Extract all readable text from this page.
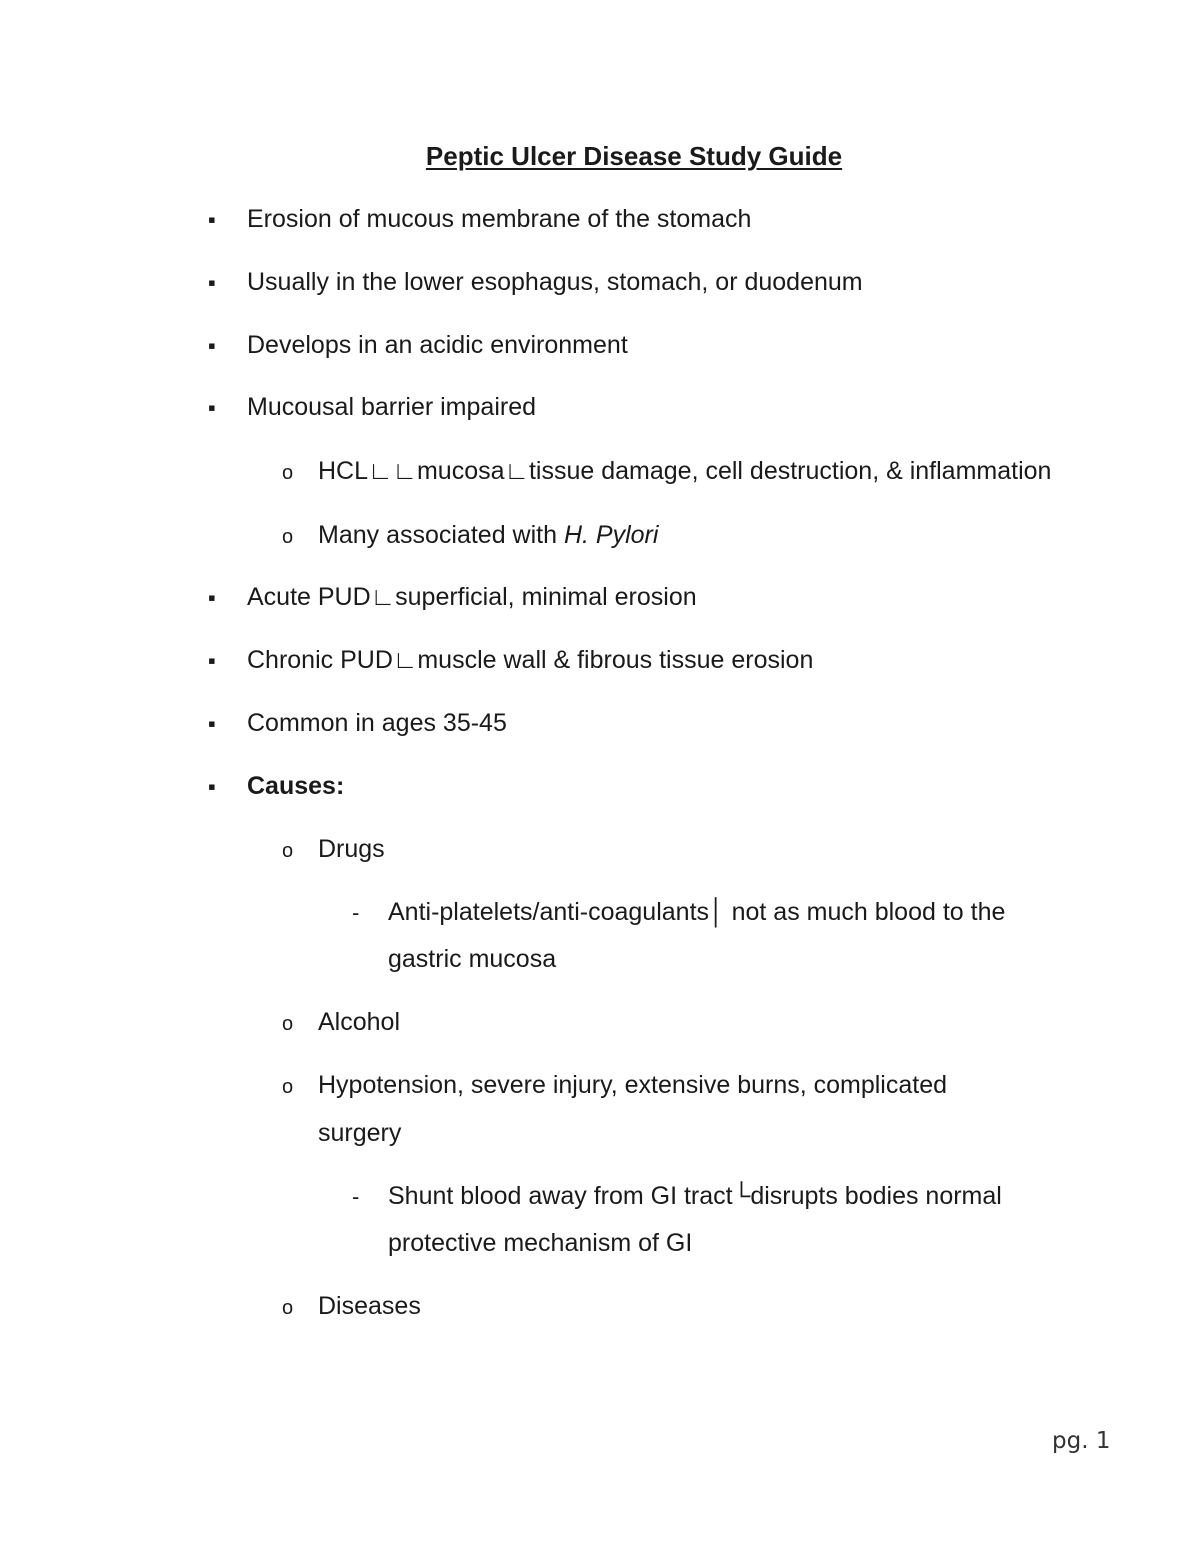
Peptic Ulcer Disease Study Guide
▪ Erosion of mucous membrane of the stomach
▪ Usually in the lower esophagus, stomach, or duodenum
▪ Develops in an acidic environment
▪ Mucousal barrier impaired
o HCL∟∟mucosa∟tissue damage, cell destruction, & inflammation
o Many associated with H. Pylori
▪ Acute PUD∟superficial, minimal erosion
▪ Chronic PUD∟muscle wall & fibrous tissue erosion
▪ Common in ages 35-45
▪ Causes:
o Drugs
- Anti-platelets/anti-coagulants│ not as much blood to the
gastric mucosa
o Alcohol
o Hypotension, severe injury, extensive burns, complicated
surgery
- Shunt blood away from GI tract└disrupts bodies normal
protective mechanism of GI
o Diseases
pg. 1
